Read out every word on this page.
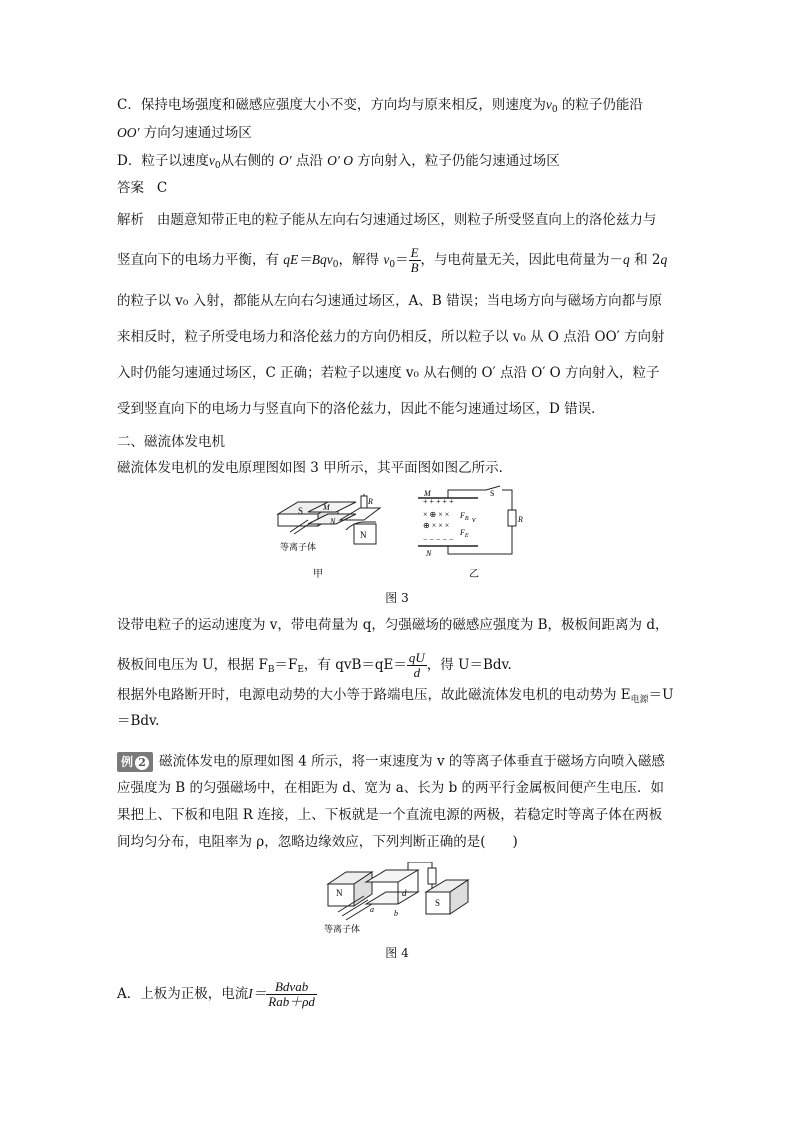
C．保持电场强度和磁感应强度大小不变，方向均与原来相反，则速度为$v_0$ 的粒子仍能沿
OO′ 方向匀速通过场区
D．粒子以速度$v_0$从右侧的 O′ 点沿 O′ O 方向射入，粒子仍能匀速通过场区
答案 C
解析 由题意知带正电的粒子能从左向右匀速通过场区，则粒子所受竖直向上的洛伦兹力与
竖直向下的电场力平衡，有 qE＝Bqv$_0$，解得 $v_0= \frac{E}{B}$ ，与电荷量无关，因此电荷量为－q 和 2q
的粒子以 v₀ 入射，都能从左向右匀速通过场区，A、B 错误；当电场方向与磁场方向都与原
来相反时，粒子所受电场力和洛伦兹力的方向仍相反，所以粒子以 v₀ 从 O 点沿 OO′ 方向射
入时仍能匀速通过场区，C 正确；若粒子以速度 v₀ 从右侧的 O′ 点沿 O′ O 方向射入，粒子
受到竖直向下的电场力与竖直向下的洛伦兹力，因此不能匀速通过场区，D 错误．
二、磁流体发电机
磁流体发电机的发电原理图如图 3 甲所示，其平面图如图乙所示．
S M
N
N
R
等离子体
甲
+ + + + +
× ⊕ × ×
⊕ × × ×
− − − − −
M
N
S
R
$F_B$ v
$F_E$
乙
图 3
设带电粒子的运动速度为 v，带电荷量为 q，匀强磁场的磁感应强度为 B，极板间距离为 d，
极板间电压为 U，根据 $F_B=F_E$，有 $qvB=qE= \frac{qU}{d}$ ，得 U＝Bdv.
根据外电路断开时，电源电动势的大小等于路端电压，故此磁流体发电机的电动势为 $E_{电源}=U$
＝Bdv.
例 2 磁流体发电的原理如图 4 所示，将一束速度为 v 的等离子体垂直于磁场方向喷入磁感
应强度为 B 的匀强磁场中，在相距为 d、宽为 a、长为 b 的两平行金属板间便产生电压．如
果把上、下板和电阻 R 连接，上、下板就是一个直流电源的两极，若稳定时等离子体在两板
间均匀分布，电阻率为 ρ，忽略边缘效应，下列判断正确的是(　　)
N
S
d
a	b
等离子体
图 4
A．上板为正极，电流$I= \frac{\text{Bdvab}}{\text{Rab＋ρd}}$
